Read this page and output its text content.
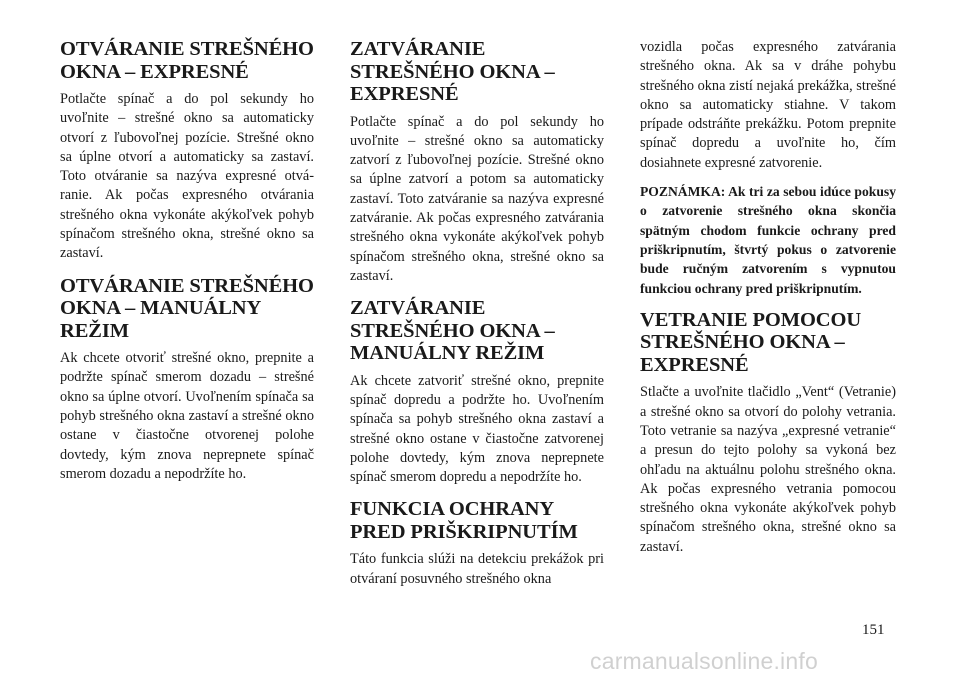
OTVÁRANIE STREŠNÉHO
OKNA – EXPRESNÉ

Potlačte spínač a do pol sekundy ho uvoľnite – strešné okno sa automaticky otvorí z ľubovoľnej pozície. Strešné okno sa úplne otvorí a automaticky sa zastaví. Toto otváranie sa nazýva expresné otváranie. Ak počas expresného otvárania strešného okna vykonáte akýkoľvek pohyb spínačom strešného okna, strešné okno sa zastaví.

OTVÁRANIE STREŠNÉHO
OKNA – MANUÁLNY
REŽIM

Ak chcete otvoriť strešné okno, prepnite a podržte spínač smerom dozadu – strešné okno sa úplne otvorí. Uvoľnením spínača sa pohyb strešného okna zastaví a strešné okno ostane v čiastočne otvorenej polohe dovtedy, kým znova neprepnete spínač smerom dozadu a nepodržíte ho.

ZATVÁRANIE
STREŠNÉHO OKNA –
EXPRESNÉ

Potlačte spínač a do pol sekundy ho uvoľnite – strešné okno sa automaticky zatvorí z ľubovoľnej pozície. Strešné okno sa úplne zatvorí a potom sa automaticky zastaví. Toto zatváranie sa nazýva expresné zatváranie. Ak počas expresného zatvárania strešného okna vykonáte akýkoľvek pohyb spínačom strešného okna, strešné okno sa zastaví.

ZATVÁRANIE
STREŠNÉHO OKNA –
MANUÁLNY REŽIM

Ak chcete zatvoriť strešné okno, prepnite spínač dopredu a podržte ho. Uvoľnením spínača sa pohyb strešného okna zastaví a strešné okno ostane v čiastočne zatvorenej polohe dovtedy, kým znova neprepnete spínač smerom dopredu a nepodržíte ho.

FUNKCIA OCHRANY
PRED PRIŠKRIPNUTÍM

Táto funkcia slúži na detekciu prekážok pri otváraní posuvného strešného okna

vozidla počas expresného zatvárania strešného okna. Ak sa v dráhe pohybu strešného okna zistí nejaká prekážka, strešné okno sa automaticky stiahne. V takom prípade odstráňte prekážku. Potom prepnite spínač dopredu a uvoľnite ho, čím dosiahnete expresné zatvorenie.

POZNÁMKA: Ak tri za sebou idúce pokusy o zatvorenie strešného okna skončia spätným chodom funkcie ochrany pred priškripnutím, štvrtý pokus o zatvorenie bude ručným zatvorením s vypnutou funkciou ochrany pred priškripnutím.

VETRANIE POMOCOU
STREŠNÉHO OKNA –
EXPRESNÉ

Stlačte a uvoľnite tlačidlo „Vent“ (Vetranie) a strešné okno sa otvorí do polohy vetrania. Toto vetranie sa nazýva „expresné vetranie“ a presun do tejto polohy sa vykoná bez ohľadu na aktuálnu polohu strešného okna. Ak počas expresného vetrania pomocou strešného okna vykonáte akýkoľvek pohyb spínačom strešného okna, strešné okno sa zastaví.

151
carmanualsonline.info
